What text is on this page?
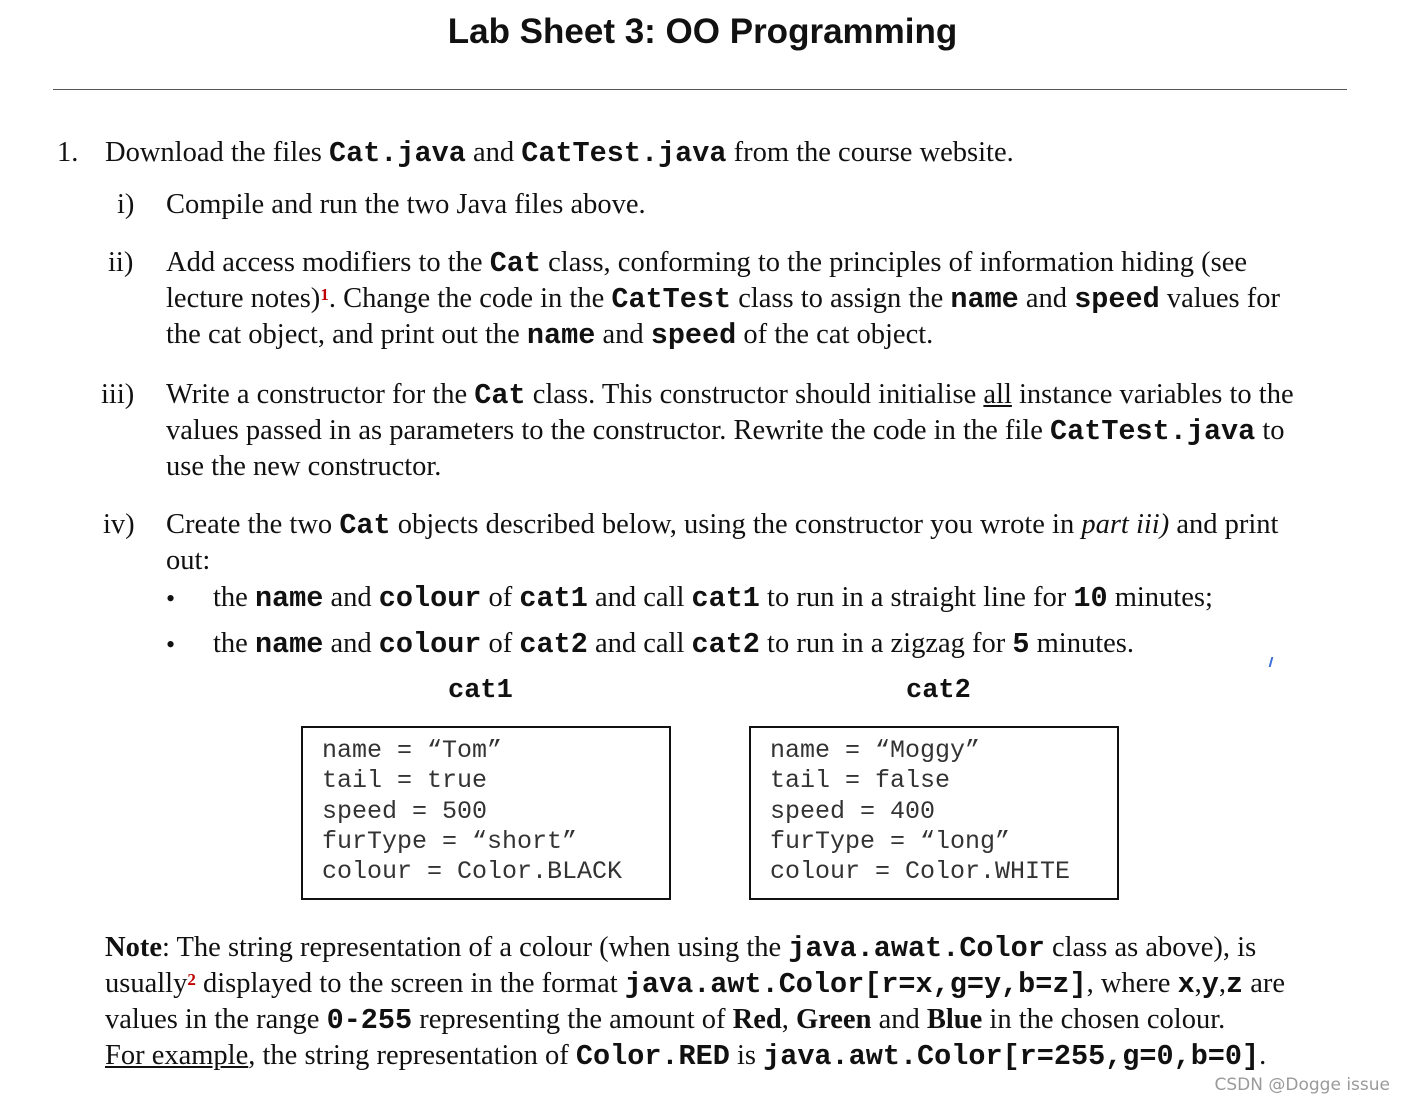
Lab Sheet 3: OO Programming
1. Download the files Cat.java and CatTest.java from the course website.
i) Compile and run the two Java files above.
ii) Add access modifiers to the Cat class, conforming to the principles of information hiding (see
lecture notes)$^1$. Change the code in the CatTest class to assign the name and speed values for
the cat object, and print out the name and speed of the cat object.
iii) Write a constructor for the Cat class. This constructor should initialise all instance variables to the
values passed in as parameters to the constructor. Rewrite the code in the file CatTest.java to
use the new constructor.
iv) Create the two Cat objects described below, using the constructor you wrote in part iii) and print
out:
• the name and colour of cat1 and call cat1 to run in a straight line for 10 minutes;
• the name and colour of cat2 and call cat2 to run in a zigzag for 5 minutes.
cat1
name = “Tom”
tail = true
speed = 500
furType = “short”
colour = Color.BLACK
cat2
name = “Moggy”
tail = false
speed = 400
furType = “long”
colour = Color.WHITE
Note: The string representation of a colour (when using the java.awat.Color class as above), is
usually$^2$ displayed to the screen in the format java.awt.Color[r=x,g=y,b=z], where x,y,z are
values in the range 0-255 representing the amount of Red, Green and Blue in the chosen colour.
For example, the string representation of Color.RED is java.awt.Color[r=255,g=0,b=0].
CSDN @Dogge issue
